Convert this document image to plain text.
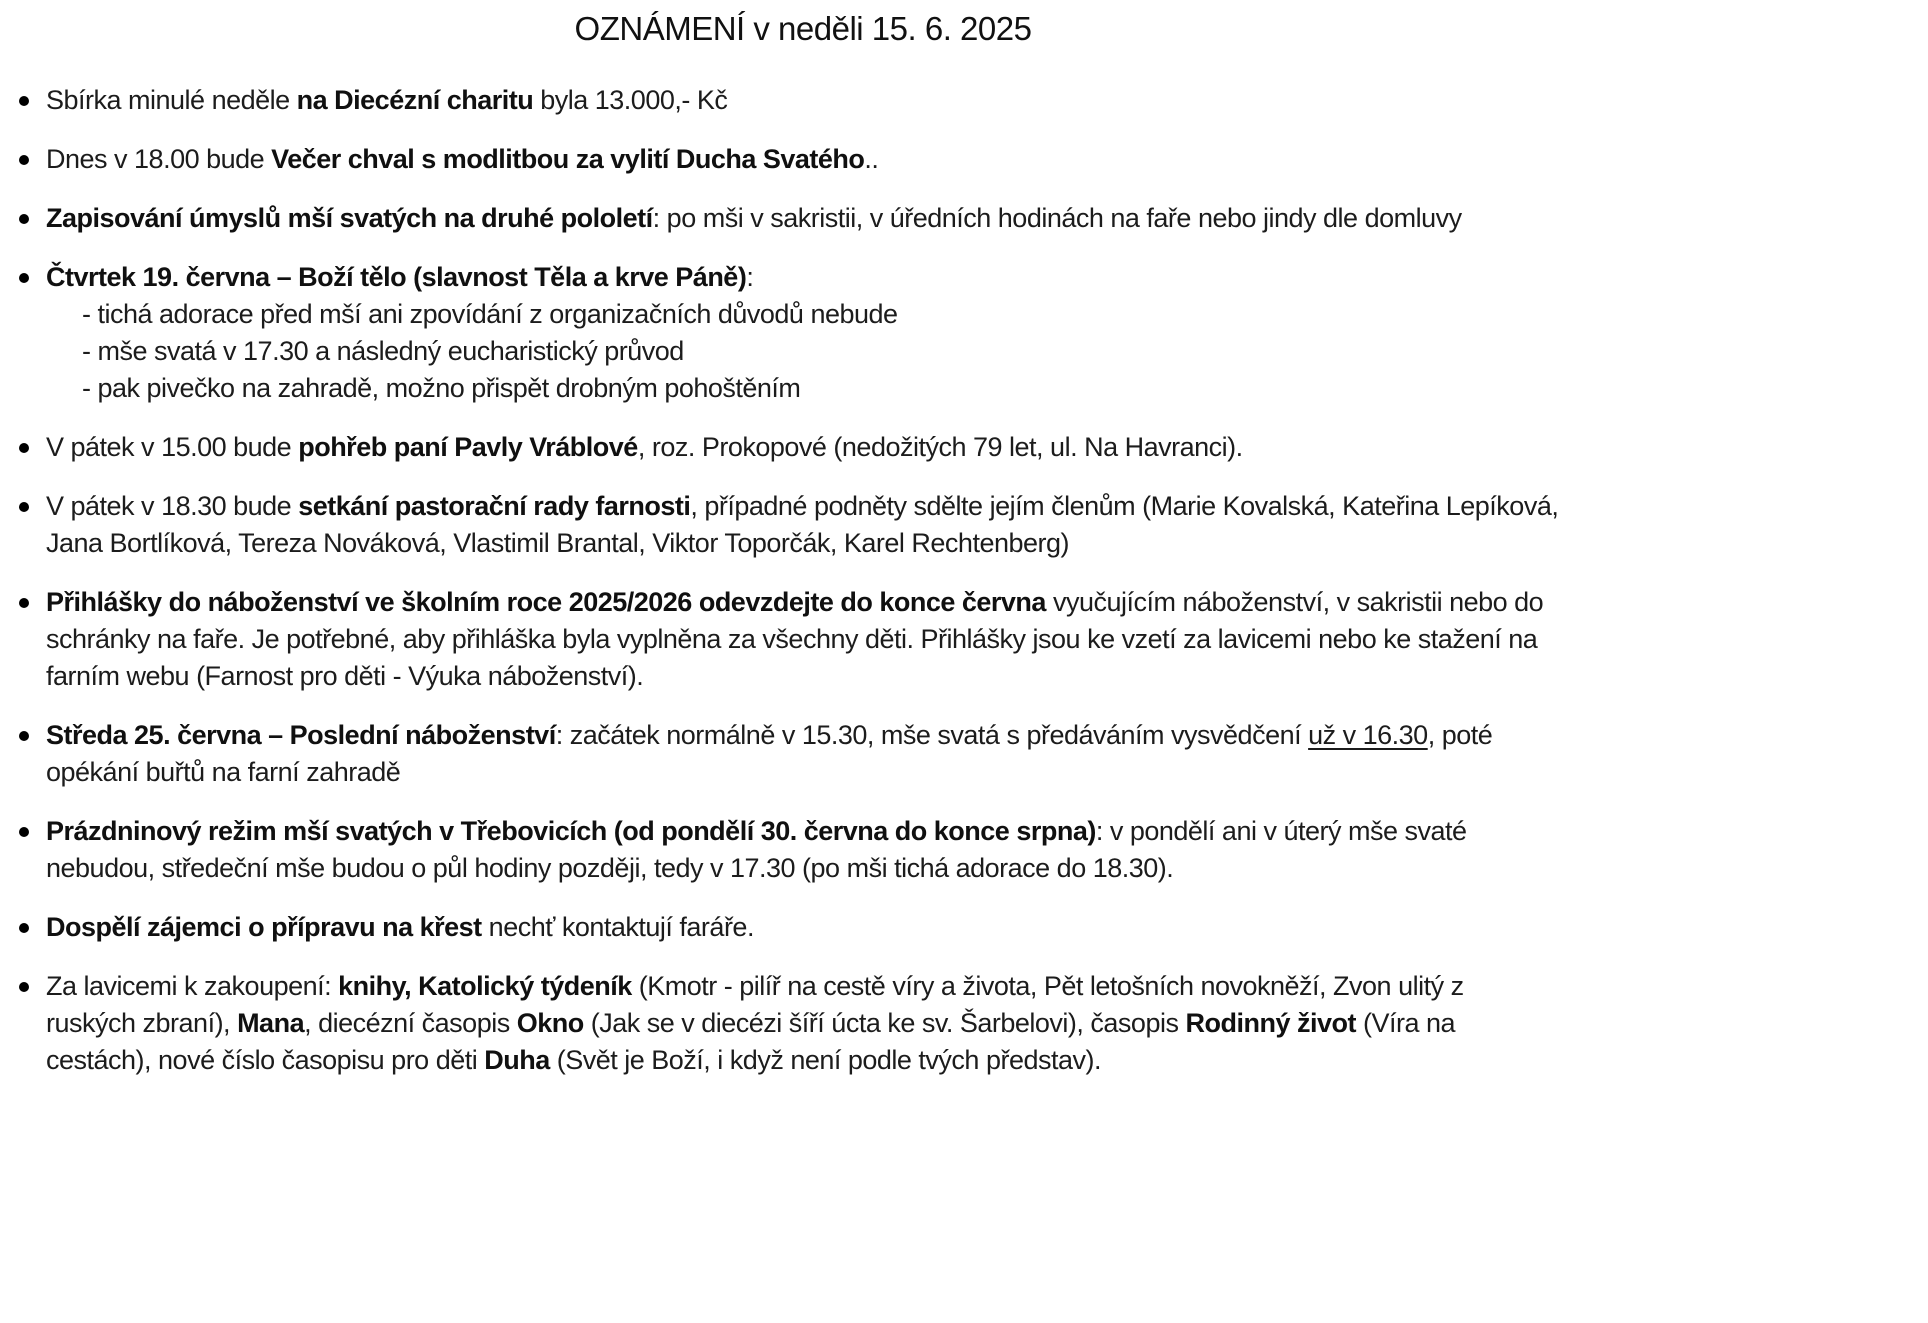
OZNÁMENÍ v neděli 15. 6. 2025
Sbírka minulé neděle na Diecézní charitu byla 13.000,- Kč
Dnes v 18.00 bude Večer chval s modlitbou za vylití Ducha Svatého..
Zapisování úmyslů mší svatých na druhé pololetí: po mši v sakristii, v úředních hodinách na faře nebo jindy dle domluvy
Čtvrtek 19. června – Boží tělo (slavnost Těla a krve Páně):
- tichá adorace před mší ani zpovídání z organizačních důvodů nebude
- mše svatá v 17.30 a následný eucharistický průvod
- pak pivečko na zahradě, možno přispět drobným pohoštěním
V pátek v 15.00 bude pohřeb paní Pavly Vráblové, roz. Prokopové (nedožitých 79 let, ul. Na Havranci).
V pátek v 18.30 bude setkání pastorační rady farnosti, případné podněty sdělte jejím členům (Marie Kovalská, Kateřina Lepíková, Jana Bortlíková, Tereza Nováková, Vlastimil Brantal, Viktor Toporčák, Karel Rechtenberg)
Přihlášky do náboženství ve školním roce 2025/2026 odevzdejte do konce června vyučujícím náboženství, v sakristii nebo do schránky na faře. Je potřebné, aby přihláška byla vyplněna za všechny děti. Přihlášky jsou ke vzetí za lavicemi nebo ke stažení na farním webu (Farnost pro děti - Výuka náboženství).
Středa 25. června – Poslední náboženství: začátek normálně v 15.30, mše svatá s předáváním vysvědčení už v 16.30, poté opékání buřtů na farní zahradě
Prázdninový režim mší svatých v Třebovicích (od pondělí 30. června do konce srpna): v pondělí ani v úterý mše svaté nebudou, středeční mše budou o půl hodiny později, tedy v 17.30 (po mši tichá adorace do 18.30).
Dospělí zájemci o přípravu na křest nechť kontaktují faráře.
Za lavicemi k zakoupení: knihy, Katolický týdeník (Kmotr - pilíř na cestě víry a života, Pět letošních novokněží, Zvon ulitý z ruských zbraní), Mana, diecézní časopis Okno (Jak se v diecézi šíří úcta ke sv. Šarbelovi), časopis Rodinný život (Víra na cestách), nové číslo časopisu pro děti Duha (Svět je Boží, i když není podle tvých představ).
